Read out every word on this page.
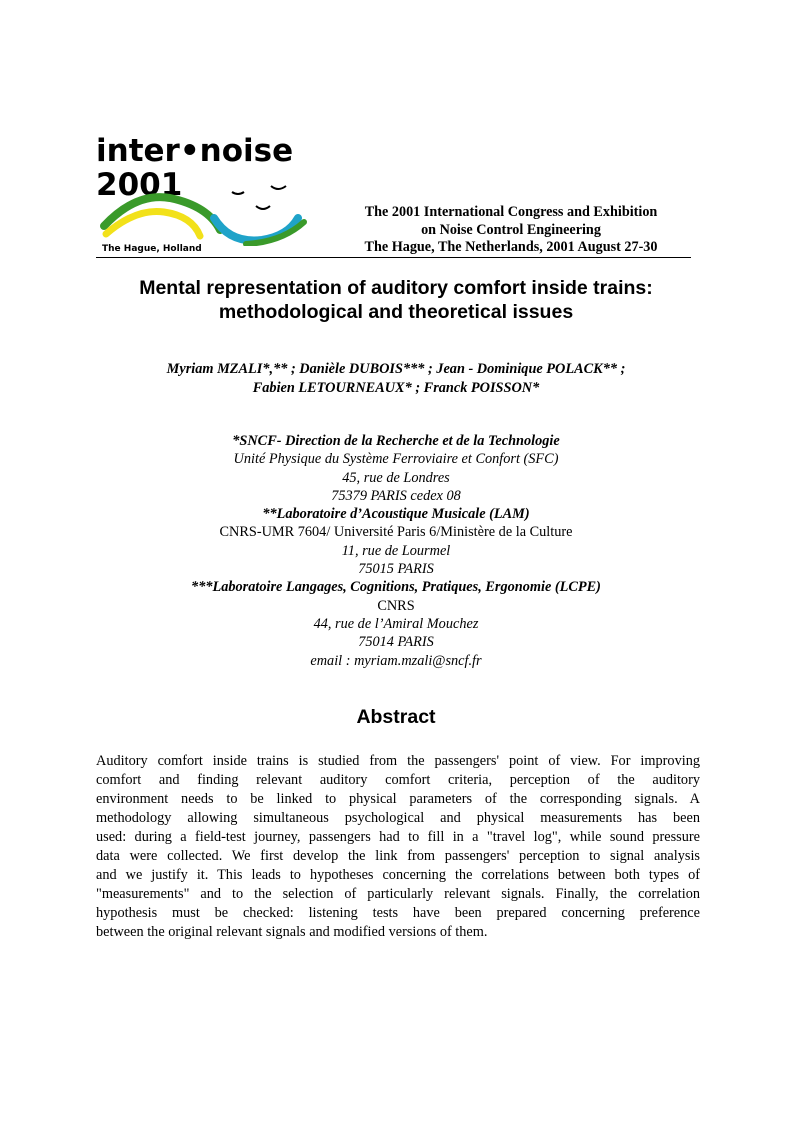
inter•noise 2001
The Hague, Holland
The 2001 International Congress and Exhibition
on Noise Control Engineering
The Hague, The Netherlands, 2001 August 27-30
Mental representation of auditory comfort inside trains:
methodological and theoretical issues
Myriam MZALI*,** ; Danièle DUBOIS*** ; Jean - Dominique POLACK** ;
Fabien LETOURNEAUX* ; Franck POISSON*
*SNCF- Direction de la Recherche et de la Technologie
Unité Physique du Système Ferroviaire et Confort (SFC)
45, rue de Londres
75379 PARIS cedex 08
**Laboratoire d’Acoustique Musicale (LAM)
CNRS-UMR 7604/ Université Paris 6/Ministère de la Culture
11, rue de Lourmel
75015 PARIS
***Laboratoire Langages, Cognitions, Pratiques, Ergonomie (LCPE)
CNRS
44, rue de l’Amiral Mouchez
75014 PARIS
email : myriam.mzali@sncf.fr
Abstract
Auditory comfort inside trains is studied from the passengers' point of view. For improving
comfort and finding relevant auditory comfort criteria, perception of the auditory
environment needs to be linked to physical parameters of the corresponding signals. A
methodology allowing simultaneous psychological and physical measurements has been
used: during a field-test journey, passengers had to fill in a "travel log", while sound pressure
data were collected. We first develop the link from passengers' perception to signal analysis
and we justify it. This leads to hypotheses concerning the correlations between both types of
"measurements" and to the selection of particularly relevant signals. Finally, the correlation
hypothesis must be checked: listening tests have been prepared concerning preference
between the original relevant signals and modified versions of them.
